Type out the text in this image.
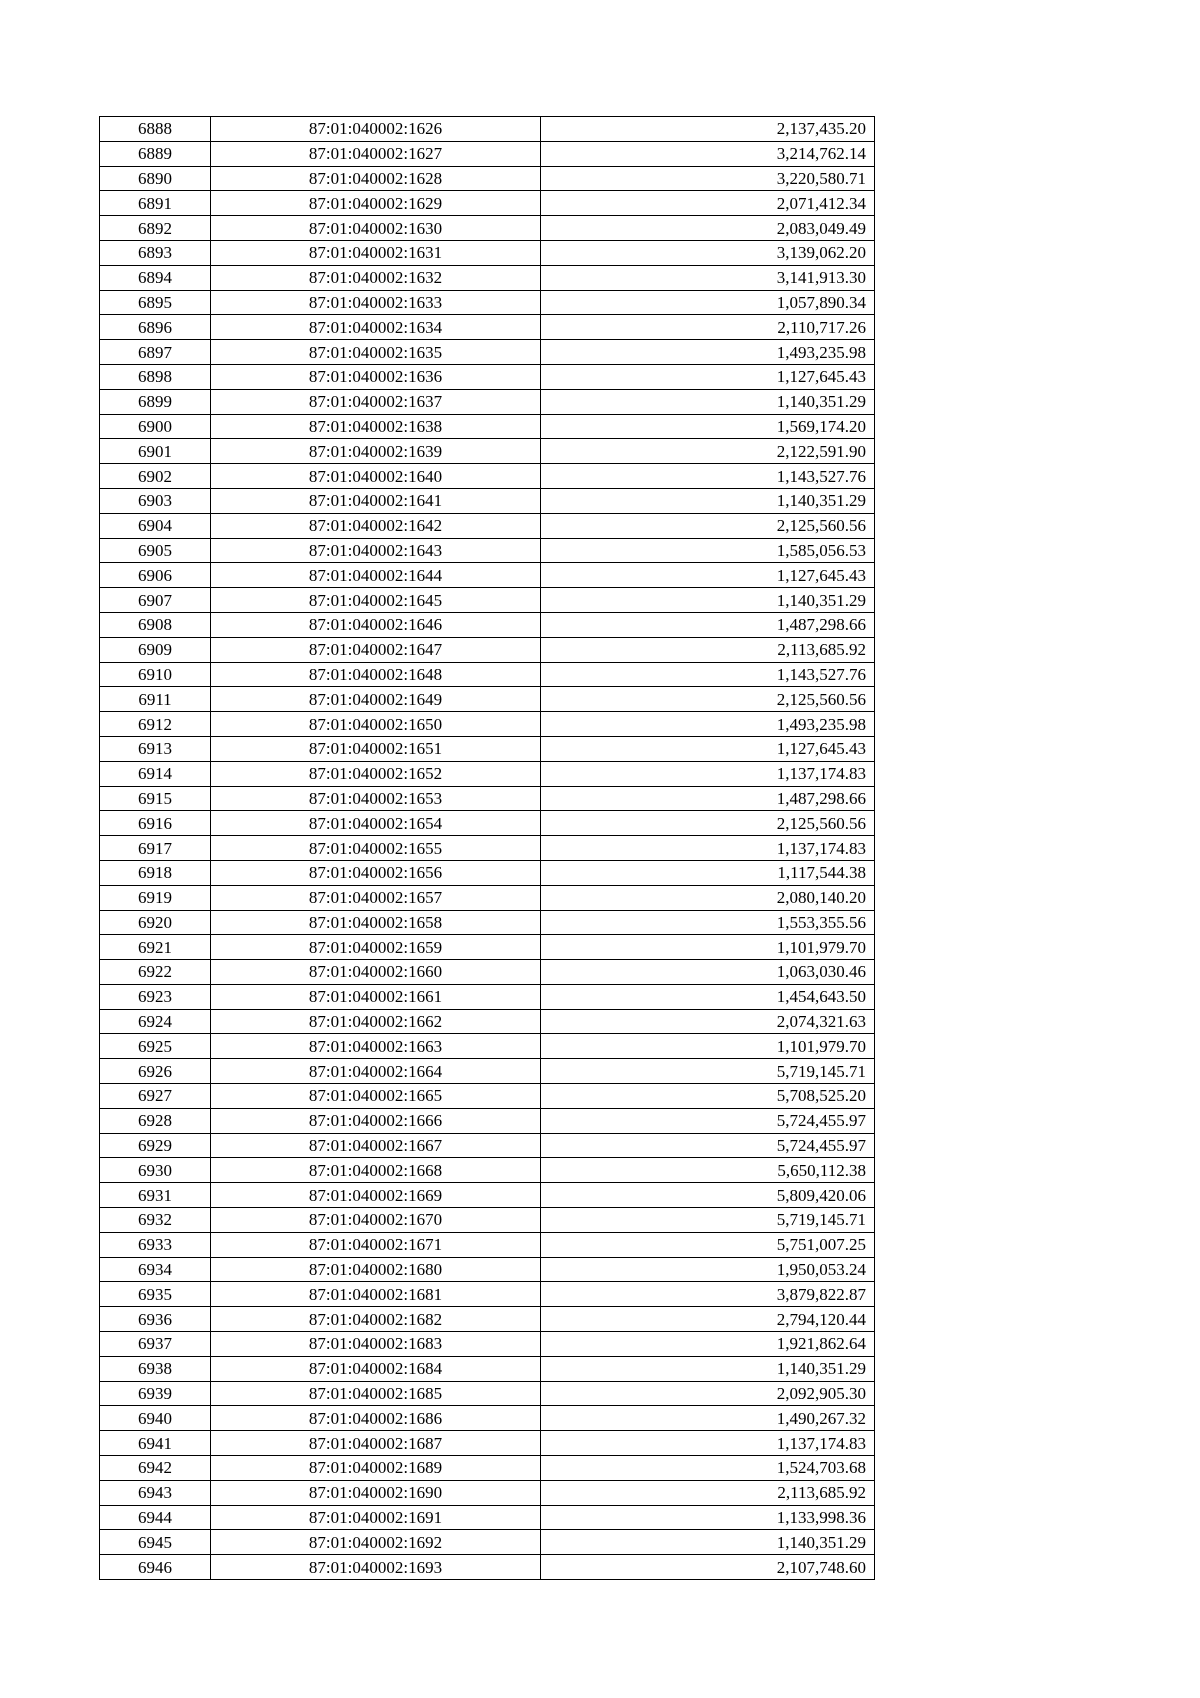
6888	87:01:040002:1626	2,137,435.20
6889	87:01:040002:1627	3,214,762.14
6890	87:01:040002:1628	3,220,580.71
6891	87:01:040002:1629	2,071,412.34
6892	87:01:040002:1630	2,083,049.49
6893	87:01:040002:1631	3,139,062.20
6894	87:01:040002:1632	3,141,913.30
6895	87:01:040002:1633	1,057,890.34
6896	87:01:040002:1634	2,110,717.26
6897	87:01:040002:1635	1,493,235.98
6898	87:01:040002:1636	1,127,645.43
6899	87:01:040002:1637	1,140,351.29
6900	87:01:040002:1638	1,569,174.20
6901	87:01:040002:1639	2,122,591.90
6902	87:01:040002:1640	1,143,527.76
6903	87:01:040002:1641	1,140,351.29
6904	87:01:040002:1642	2,125,560.56
6905	87:01:040002:1643	1,585,056.53
6906	87:01:040002:1644	1,127,645.43
6907	87:01:040002:1645	1,140,351.29
6908	87:01:040002:1646	1,487,298.66
6909	87:01:040002:1647	2,113,685.92
6910	87:01:040002:1648	1,143,527.76
6911	87:01:040002:1649	2,125,560.56
6912	87:01:040002:1650	1,493,235.98
6913	87:01:040002:1651	1,127,645.43
6914	87:01:040002:1652	1,137,174.83
6915	87:01:040002:1653	1,487,298.66
6916	87:01:040002:1654	2,125,560.56
6917	87:01:040002:1655	1,137,174.83
6918	87:01:040002:1656	1,117,544.38
6919	87:01:040002:1657	2,080,140.20
6920	87:01:040002:1658	1,553,355.56
6921	87:01:040002:1659	1,101,979.70
6922	87:01:040002:1660	1,063,030.46
6923	87:01:040002:1661	1,454,643.50
6924	87:01:040002:1662	2,074,321.63
6925	87:01:040002:1663	1,101,979.70
6926	87:01:040002:1664	5,719,145.71
6927	87:01:040002:1665	5,708,525.20
6928	87:01:040002:1666	5,724,455.97
6929	87:01:040002:1667	5,724,455.97
6930	87:01:040002:1668	5,650,112.38
6931	87:01:040002:1669	5,809,420.06
6932	87:01:040002:1670	5,719,145.71
6933	87:01:040002:1671	5,751,007.25
6934	87:01:040002:1680	1,950,053.24
6935	87:01:040002:1681	3,879,822.87
6936	87:01:040002:1682	2,794,120.44
6937	87:01:040002:1683	1,921,862.64
6938	87:01:040002:1684	1,140,351.29
6939	87:01:040002:1685	2,092,905.30
6940	87:01:040002:1686	1,490,267.32
6941	87:01:040002:1687	1,137,174.83
6942	87:01:040002:1689	1,524,703.68
6943	87:01:040002:1690	2,113,685.92
6944	87:01:040002:1691	1,133,998.36
6945	87:01:040002:1692	1,140,351.29
6946	87:01:040002:1693	2,107,748.60
